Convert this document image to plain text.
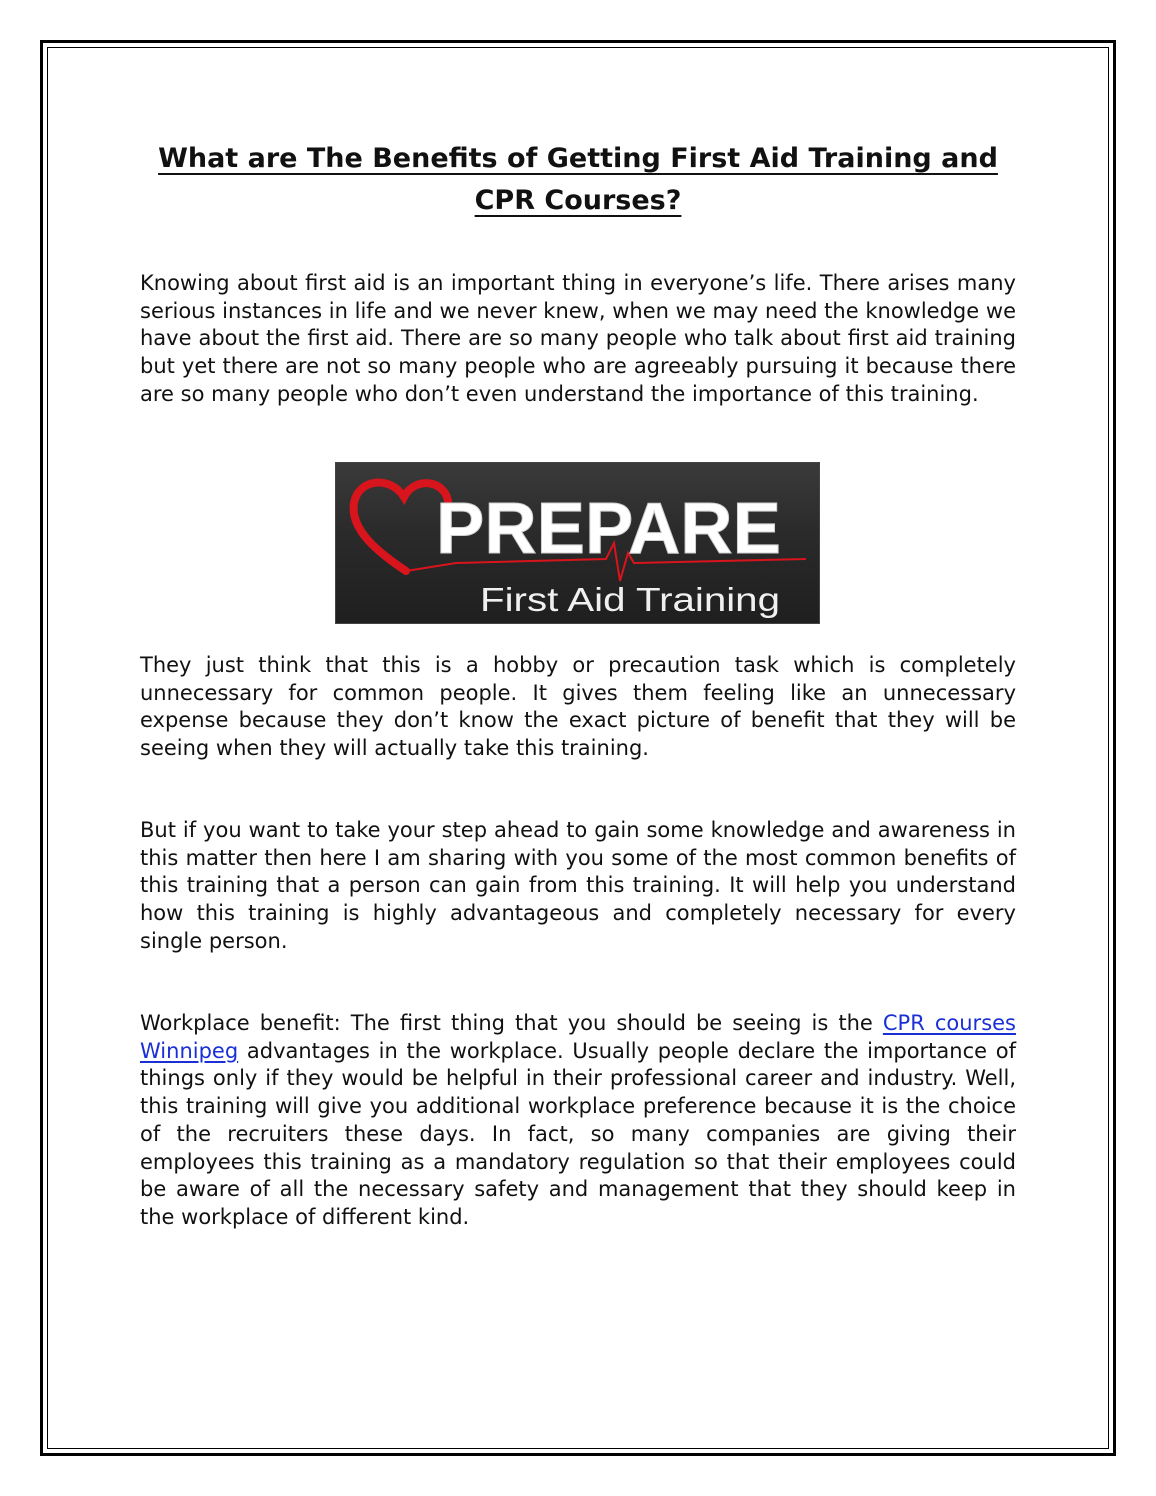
What are The Benefits of Getting First Aid Training and CPR Courses?

Knowing about first aid is an important thing in everyone’s life. There arises many serious instances in life and we never knew, when we may need the knowledge we have about the first aid. There are so many people who talk about first aid training but yet there are not so many people who are agreeably pursuing it because there are so many people who don’t even understand the importance of this training.

PREPARE
First Aid Training

They just think that this is a hobby or precaution task which is completely unnecessary for common people. It gives them feeling like an unnecessary expense because they don’t know the exact picture of benefit that they will be seeing when they will actually take this training.

But if you want to take your step ahead to gain some knowledge and awareness in this matter then here I am sharing with you some of the most common benefits of this training that a person can gain from this training. It will help you understand how this training is highly advantageous and completely necessary for every single person.

Workplace benefit: The first thing that you should be seeing is the CPR courses Winnipeg advantages in the workplace. Usually people declare the importance of things only if they would be helpful in their professional career and industry. Well, this training will give you additional workplace preference because it is the choice of the recruiters these days. In fact, so many companies are giving their employees this training as a mandatory regulation so that their employees could be aware of all the necessary safety and management that they should keep in the workplace of different kind.
